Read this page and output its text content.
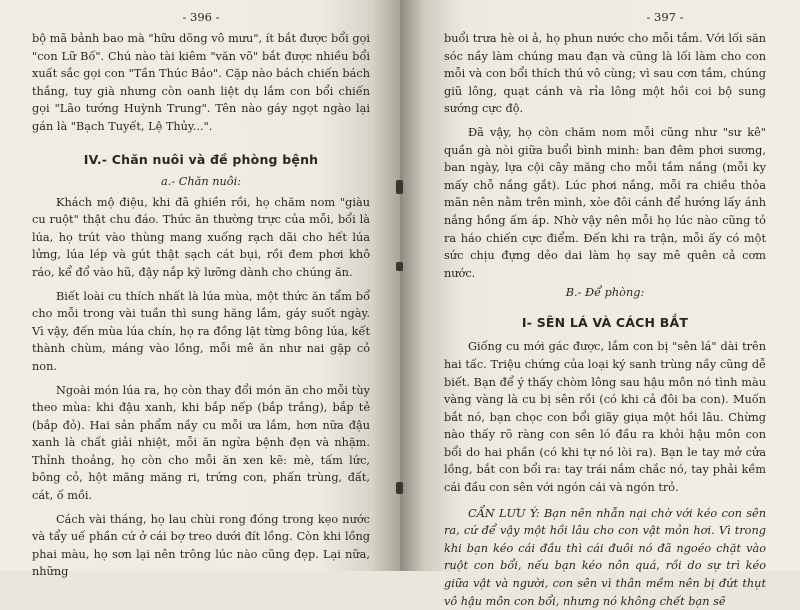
- 396 -

bộ mã bảnh bao mà "hữu dõng vô mưu", ít bắt được bổi gọi "con Lữ Bố". Chú nào tài kiêm "văn võ" bắt được nhiều bổi xuất sắc gọi con "Tần Thúc Bảo". Cặp nào bách chiến bách thắng, tuy già nhưng còn oanh liệt dụ lắm con bổi chiến gọi "Lão tướng Huỳnh Trung". Tên nào gáy ngọt ngào lại gán là "Bạch Tuyết, Lệ Thủy...".

IV.- Chăn nuôi và đề phòng bệnh
a.- Chăn nuôi:

Khách mộ điệu, khi đã ghiền rồi, họ chăm nom "giàu cu ruột" thật chu đáo. Thức ăn thường trực của mỗi, bổi là lúa, họ trút vào thùng mang xuống rạch dãi cho hết lúa lửng, lúa lép và gút thật sạch cát bụi, rồi đem phơi khô ráo, kể đổ vào hũ, đậy nắp kỹ lưỡng dành cho chúng ăn.

Biết loài cu thích nhất là lúa mùa, một thức ăn tẩm bổ cho mỗi trong vài tuần thì sung hăng lắm, gáy suốt ngày. Vì vậy, đến mùa lúa chín, họ ra đồng lặt từng bông lúa, kết thành chùm, máng vào lồng, mỗi mê ăn như nai gặp cỏ non.

Ngoài món lúa ra, họ còn thay đổi món ăn cho mỗi tùy theo mùa: khi đậu xanh, khi bắp nếp (bắp trắng), bắp tẻ (bắp đỏ). Hai sản phẩm nầy cu mỗi ưa lắm, hơn nữa đậu xanh là chất giải nhiệt, mỗi ăn ngừa bệnh đẹn và nhặm. Thỉnh thoảng, họ còn cho mỗi ăn xen kẽ: mè, tấm lức, bông cỏ, hột măng măng ri, trứng con, phấn trùng, đất, cát, ố mồi.

Cách vài tháng, họ lau chùi rong đóng trong kẹo nước và tẩy uế phần cứ ở cái bợ treo dưới đít lồng. Còn khi lồng phai màu, họ sơn lại nên trông lúc nào cũng đẹp. Lại nữa, những

- 397 -

buổi trưa hè oi ả, họ phun nước cho mỗi tắm. Với lối săn sóc nầy làm chúng mau đạn và cũng là lối làm cho con mỗi và con bổi thích thú vô cùng; vì sau cơn tắm, chúng giũ lông, quạt cánh và rỉa lông một hồi coi bộ sung sướng cực độ.

Đã vậy, họ còn chăm nom mỗi cũng như "sư kê" quần gà nòi giữa buổi bình minh: ban đêm phơi sương, ban ngày, lựa cội cây măng cho mỗi tắm nắng (mỗi ky mấy chỗ nắng gắt). Lúc phơi nắng, mỗi ra chiều thỏa mãn nên nằm trên mình, xòe đôi cánh để hướng lấy ánh nắng hồng ấm áp. Nhờ vậy nên mỗi họ lúc nào cũng tỏ ra háo chiến cực điểm. Đến khi ra trận, mỗi ấy có một sức chịu đựng dẻo dai làm họ say mê quên cả cơm nước.

B.- Để phòng:
I- SÊN LÁ VÀ CÁCH BẮT

Giống cu mới gác được, lắm con bị "sên lá" dài trên hai tấc. Triệu chứng của loại ký sanh trùng nầy cũng dễ biết. Bạn để ý thấy chòm lông sau hậu môn nó tình màu vàng vàng là cu bị sên rồi (có khi cả đôi ba con). Muốn bắt nó, bạn chọc con bổi giãy giụa một hồi lâu. Chừng nào thấy rõ ràng con sên ló đầu ra khỏi hậu môn con bổi do hai phần (có khi tự nó lòi ra). Bạn le tay mở cửa lồng, bắt con bổi ra: tay trái nắm chắc nó, tay phải kềm cái đầu con sên với ngón cái và ngón trỏ.

CẨN LƯU Ý: Bạn nên nhẫn nại chờ với kéo con sên ra, cứ để vậy một hồi lâu cho con vật mỏn hơi. Vì trong khi bạn kéo cái đầu thì cái đuôi nó đã ngoéo chặt vào ruột con bổi, nếu bạn kéo nôn quá, rồi do sự trì kéo giữa vật và người, con sên vì thân mềm nên bị đứt thụt vô hậu môn con bổi, nhưng nó không chết bạn sẽ
